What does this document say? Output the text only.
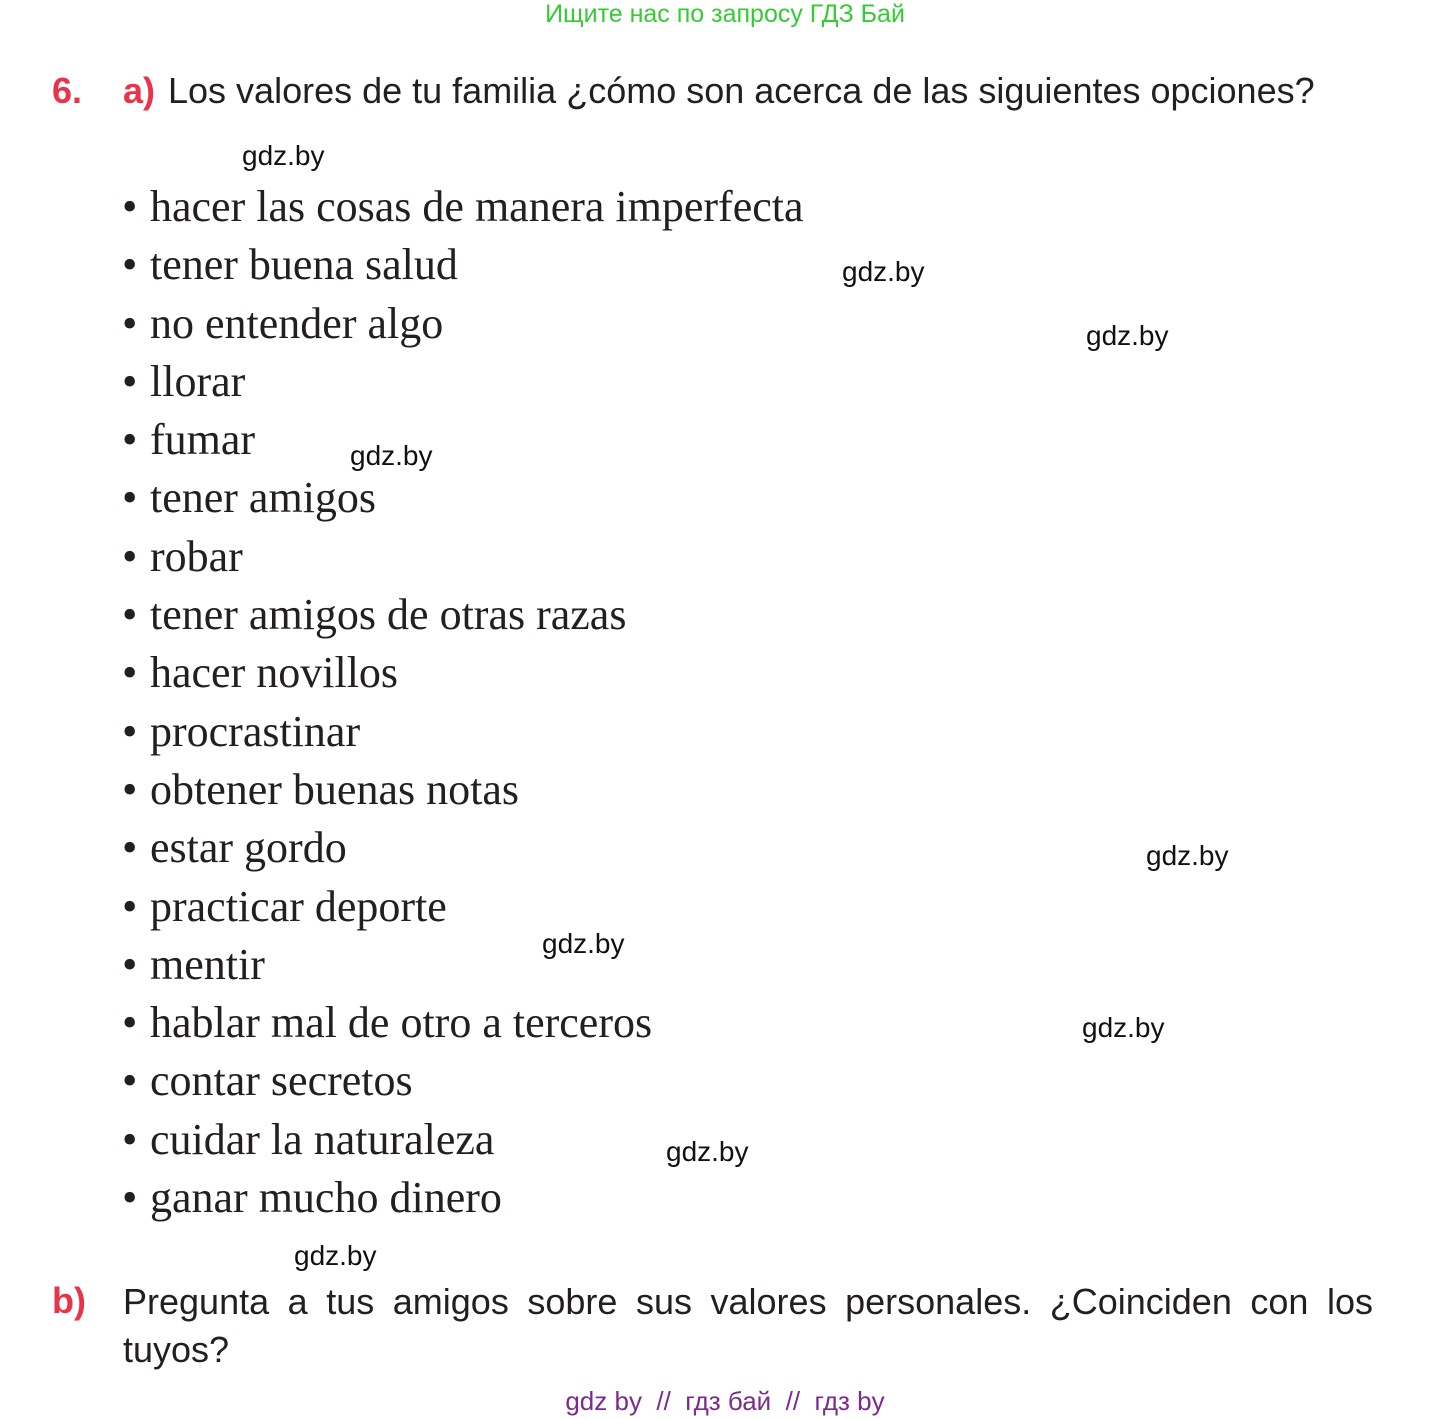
Ищите нас по запросу ГДЗ Бай
6. a) Los valores de tu familia ¿cómo son acerca de las siguientes opciones?
• hacer las cosas de manera imperfecta
• tener buena salud
• no entender algo
• llorar
• fumar
• tener amigos
• robar
• tener amigos de otras razas
• hacer novillos
• procrastinar
• obtener buenas notas
• estar gordo
• practicar deporte
• mentir
• hablar mal de otro a terceros
• contar secretos
• cuidar la naturaleza
• ganar mucho dinero
b) Pregunta a tus amigos sobre sus valores personales. ¿Coinciden con los tuyos?
gdz.by
gdz.by
gdz.by
gdz.by
gdz.by
gdz.by
gdz.by
gdz.by
gdz.by
gdz by  //  гдз бай  //  гдз by
